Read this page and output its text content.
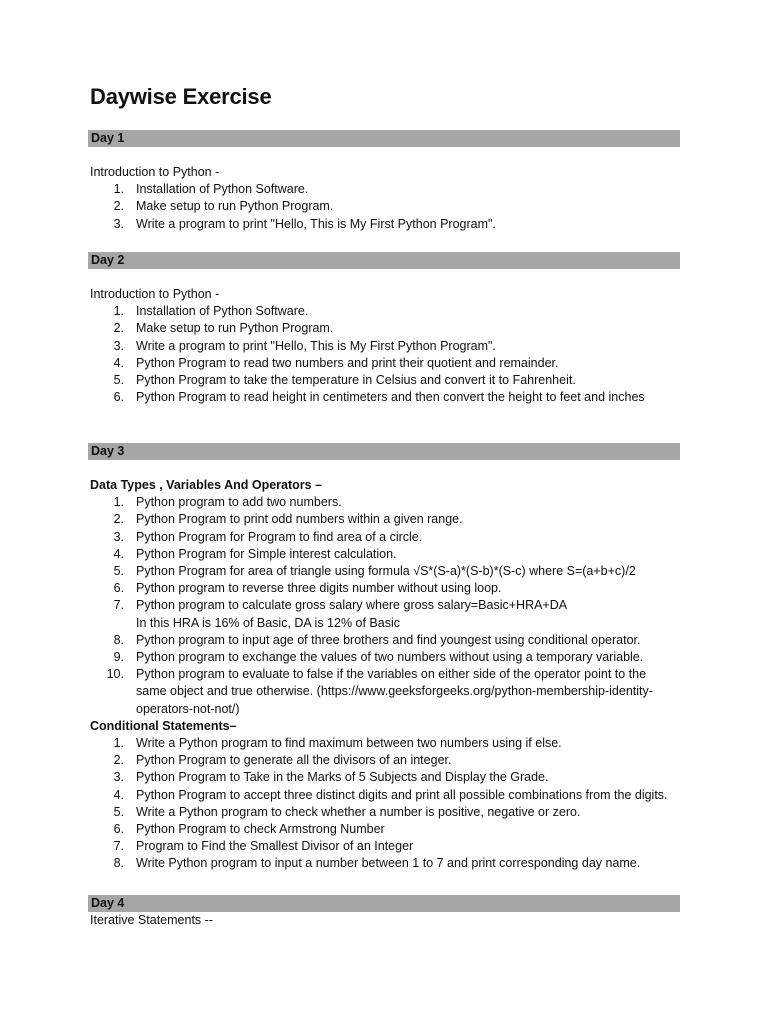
Daywise Exercise
Day 1

Introduction to Python -

1. Installation of Python Software.
2. Make setup to run Python Program.
3. Write a program to print "Hello, This is My First Python Program".
Day 2

Introduction to Python -

1. Installation of Python Software.
2. Make setup to run Python Program.
3. Write a program to print "Hello, This is My First Python Program".
4. Python Program to read two numbers and print their quotient and remainder.
5. Python Program to take the temperature in Celsius and convert it to Fahrenheit.
6. Python Program to read height in centimeters and then convert the height to feet and inches
Day 3

Data Types , Variables And Operators –

1. Python program to add two numbers.
2. Python Program to print odd numbers within a given range.
3. Python Program for Program to find area of a circle.
4. Python Program for Simple interest calculation.
5. Python Program for area of triangle using formula √S*(S-a)*(S-b)*(S-c) where S=(a+b+c)/2
6. Python program to reverse three digits number without using loop.
7. Python program to calculate gross salary where gross salary=Basic+HRA+DA
In this HRA is 16% of Basic, DA is 12% of Basic
8. Python program to input age of three brothers and find youngest using conditional operator.
9. Python program to exchange the values of two numbers without using a temporary variable.
10. Python program to evaluate to false if the variables on either side of the operator point to the same object and true otherwise. (https://www.geeksforgeeks.org/python-membership-identity-operators-not-not/)

Conditional Statements–

1. Write a Python program to find maximum between two numbers using if else.
2. Python Program to generate all the divisors of an integer.
3. Python Program to Take in the Marks of 5 Subjects and Display the Grade.
4. Python Program to accept three distinct digits and print all possible combinations from the digits.
5. Write a Python program to check whether a number is positive, negative or zero.
6. Python Program to check Armstrong Number
7. Program to Find the Smallest Divisor of an Integer
8. Write Python program to input a number between 1 to 7 and print corresponding day name.
Day 4

Iterative Statements --
